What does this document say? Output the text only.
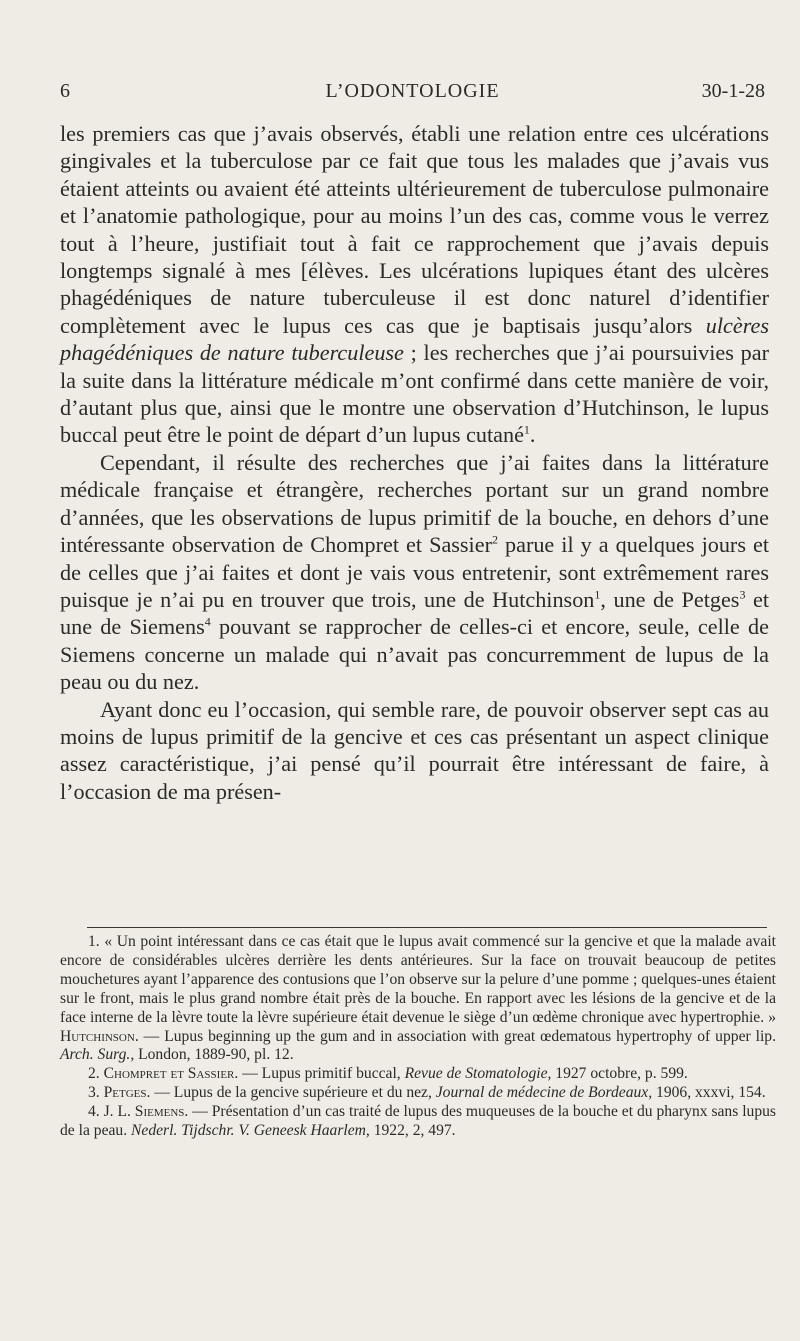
6	L’ODONTOLOGIE	30-1-28

les premiers cas que j’avais observés, établi une relation entre ces ulcérations gingivales et la tuberculose par ce fait que tous les malades que j’avais vus étaient atteints ou avaient été atteints ultérieurement de tuberculose pulmonaire et l’anatomie pathologique, pour au moins l’un des cas, comme vous le verrez tout à l’heure, justifiait tout à fait ce rapprochement que j’avais depuis longtemps signalé à mes [élèves. Les ulcérations lupiques étant des ulcères phagédéniques de nature tuberculeuse il est donc naturel d’identifier complètement avec le lupus ces cas que je baptisais jusqu’alors ulcères phagédéniques de nature tuberculeuse ; les recherches que j’ai poursuivies par la suite dans la littérature médicale m’ont confirmé dans cette manière de voir, d’autant plus que, ainsi que le montre une observation d’Hutchinson, le lupus buccal peut être le point de départ d’un lupus cutané$^1$.

Cependant, il résulte des recherches que j’ai faites dans la littérature médicale française et étrangère, recherches portant sur un grand nombre d’années, que les observations de lupus primitif de la bouche, en dehors d’une intéressante observation de Chompret et Sassier$^2$ parue il y a quelques jours et de celles que j’ai faites et dont je vais vous entretenir, sont extrêmement rares puisque je n’ai pu en trouver que trois, une de Hutchinson$^1$, une de Petges$^3$ et une de Siemens$^4$ pouvant se rapprocher de celles-ci et encore, seule, celle de Siemens concerne un malade qui n’avait pas concurremment de lupus de la peau ou du nez.

Ayant donc eu l’occasion, qui semble rare, de pouvoir observer sept cas au moins de lupus primitif de la gencive et ces cas présentant un aspect clinique assez caractéristique, j’ai pensé qu’il pourrait être intéressant de faire, à l’occasion de ma présen-

1. « Un point intéressant dans ce cas était que le lupus avait commencé sur la gencive et que la malade avait encore de considérables ulcères derrière les dents antérieures. Sur la face on trouvait beaucoup de petites mouchetures ayant l’apparence des contusions que l’on observe sur la pelure d’une pomme ; quelques-unes étaient sur le front, mais le plus grand nombre était près de la bouche. En rapport avec les lésions de la gencive et de la face interne de la lèvre toute la lèvre supérieure était devenue le siège d’un œdème chronique avec hypertrophie. » Hutchinson. — Lupus beginning up the gum and in association with great œdematous hypertrophy of upper lip. Arch. Surg., London, 1889-90, pl. 12.

2. Chompret et Sassier. — Lupus primitif buccal, Revue de Stomatologie, 1927 octobre, p. 599.

3. Petges. — Lupus de la gencive supérieure et du nez, Journal de médecine de Bordeaux, 1906, xxxvi, 154.

4. J. L. Siemens. — Présentation d’un cas traité de lupus des muqueuses de la bouche et du pharynx sans lupus de la peau. Nederl. Tijdschr. V. Geneesk Haarlem, 1922, 2, 497.
